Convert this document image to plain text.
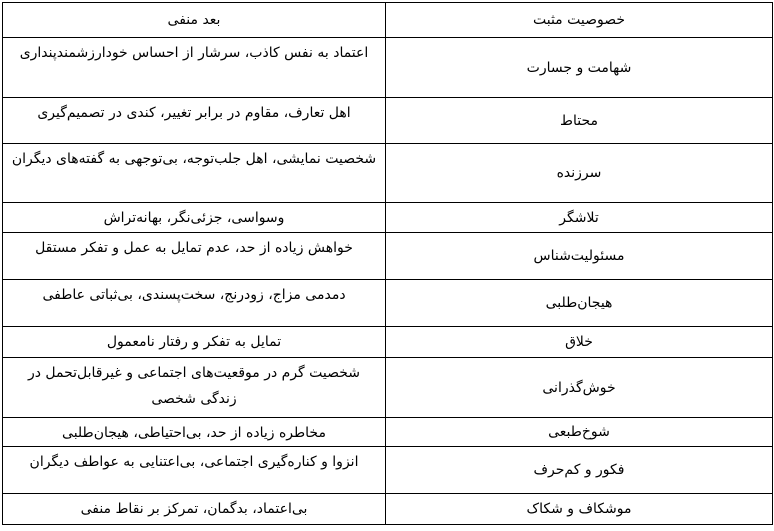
بعد منفی	خصوصیت مثبت
اعتماد به نفس کاذب، سرشار از احساس خودارزشمندپنداری	شهامت و جسارت
اهل تعارف، مقاوم در برابر تغییر، کندی در تصمیم‌گیری	محتاط
شخصیت نمایشی، اهل جلب‌توجه، بی‌توجهی به گفته‌های دیگران	سرزنده
وسواسی، جزئی‌نگر، بهانه‌تراش	تلاشگر
خواهش زیاده از حد، عدم تمایل به عمل و تفکر مستقل	مسئولیت‌شناس
دمدمی مزاج، زودرنج، سخت‌پسندی، بی‌ثباتی عاطفی	هیجان‌طلبی
تمایل به تفکر و رفتار نامعمول	خلاق
شخصیت گرم در موقعیت‌های اجتماعی و غیرقابل‌تحمل در زندگی شخصی	خوش‌گذرانی
مخاطره زیاده از حد، بی‌احتیاطی، هیجان‌طلبی	شوخ‌طبعی
انزوا و کناره‌گیری اجتماعی، بی‌اعتنایی به عواطف دیگران	فکور و کم‌حرف
بی‌اعتماد، بدگمان، تمرکز بر نقاط منفی	موشکاف و شکاک
